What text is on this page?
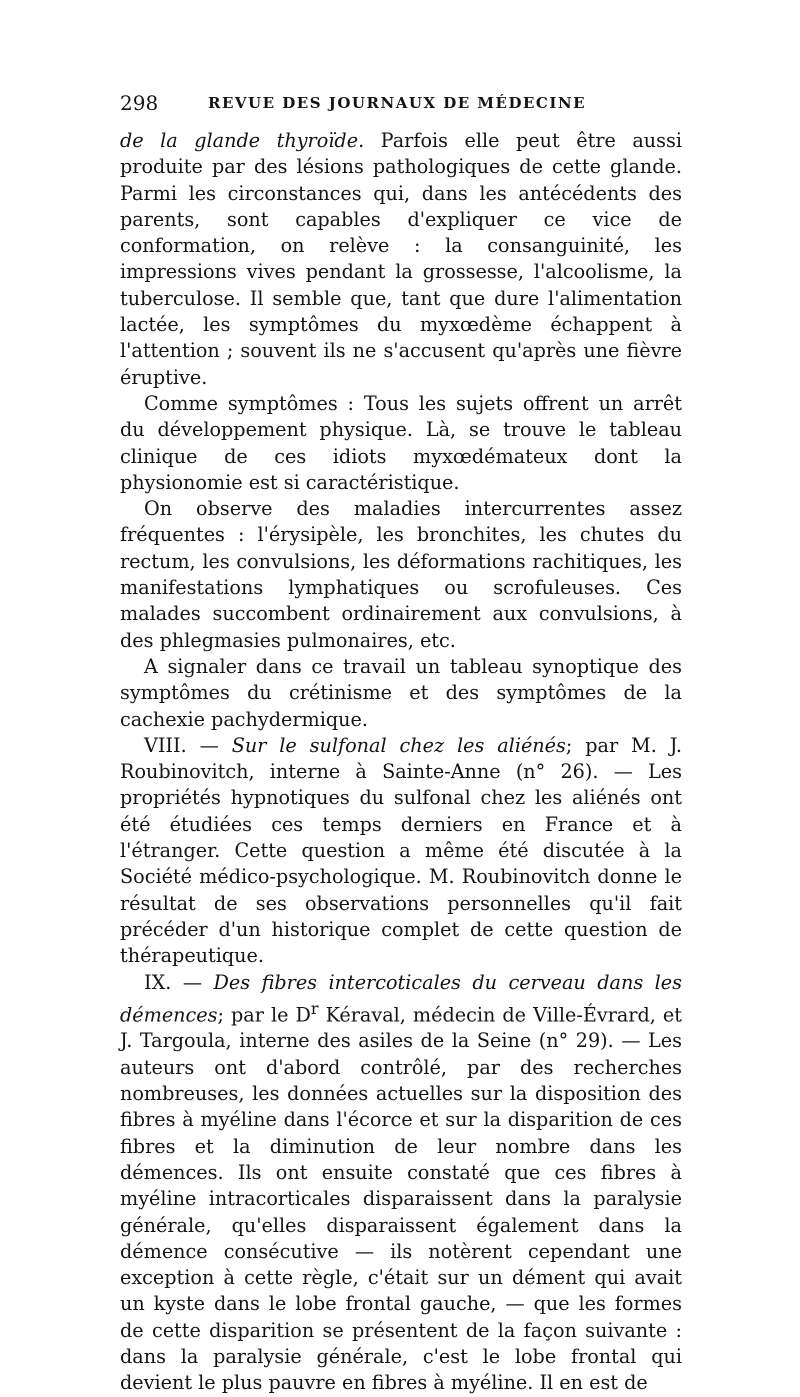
298	REVUE DES JOURNAUX DE MÉDECINE

de la glande thyroïde. Parfois elle peut être aussi produite par des lésions pathologiques de cette glande. Parmi les circonstances qui, dans les antécédents des parents, sont capables d'expliquer ce vice de conformation, on relève : la consanguinité, les impressions vives pendant la grossesse, l'alcoolisme, la tuberculose. Il semble que, tant que dure l'alimentation lactée, les symptômes du myxœdème échappent à l'attention ; souvent ils ne s'accusent qu'après une fièvre éruptive.

Comme symptômes : Tous les sujets offrent un arrêt du développement physique. Là, se trouve le tableau clinique de ces idiots myxœdémateux dont la physionomie est si caractéristique.

On observe des maladies intercurrentes assez fréquentes : l'érysipèle, les bronchites, les chutes du rectum, les convulsions, les déformations rachitiques, les manifestations lymphatiques ou scrofuleuses. Ces malades succombent ordinairement aux convulsions, à des phlegmasies pulmonaires, etc.

A signaler dans ce travail un tableau synoptique des symptômes du crétinisme et des symptômes de la cachexie pachydermique.

VIII. — Sur le sulfonal chez les aliénés; par M. J. Roubinovitch, interne à Sainte-Anne (n° 26). — Les propriétés hypnotiques du sulfonal chez les aliénés ont été étudiées ces temps derniers en France et à l'étranger. Cette question a même été discutée à la Société médico-psychologique. M. Roubinovitch donne le résultat de ses observations personnelles qu'il fait précéder d'un historique complet de cette question de thérapeutique.

IX. — Des fibres intercoticales du cerveau dans les démences; par le $D^r$ Kéraval, médecin de Ville-Évrard, et J. Targoula, interne des asiles de la Seine (n° 29). — Les auteurs ont d'abord contrôlé, par des recherches nombreuses, les données actuelles sur la disposition des fibres à myéline dans l'écorce et sur la disparition de ces fibres et la diminution de leur nombre dans les démences. Ils ont ensuite constaté que ces fibres à myéline intracorticales disparaissent dans la paralysie générale, qu'elles disparaissent également dans la démence consécutive — ils notèrent cependant une exception à cette règle, c'était sur un dément qui avait un kyste dans le lobe frontal gauche, — que les formes de cette disparition se présentent de la façon suivante : dans la paralysie générale, c'est le lobe frontal qui devient le plus pauvre en fibres à myéline. Il en est de
